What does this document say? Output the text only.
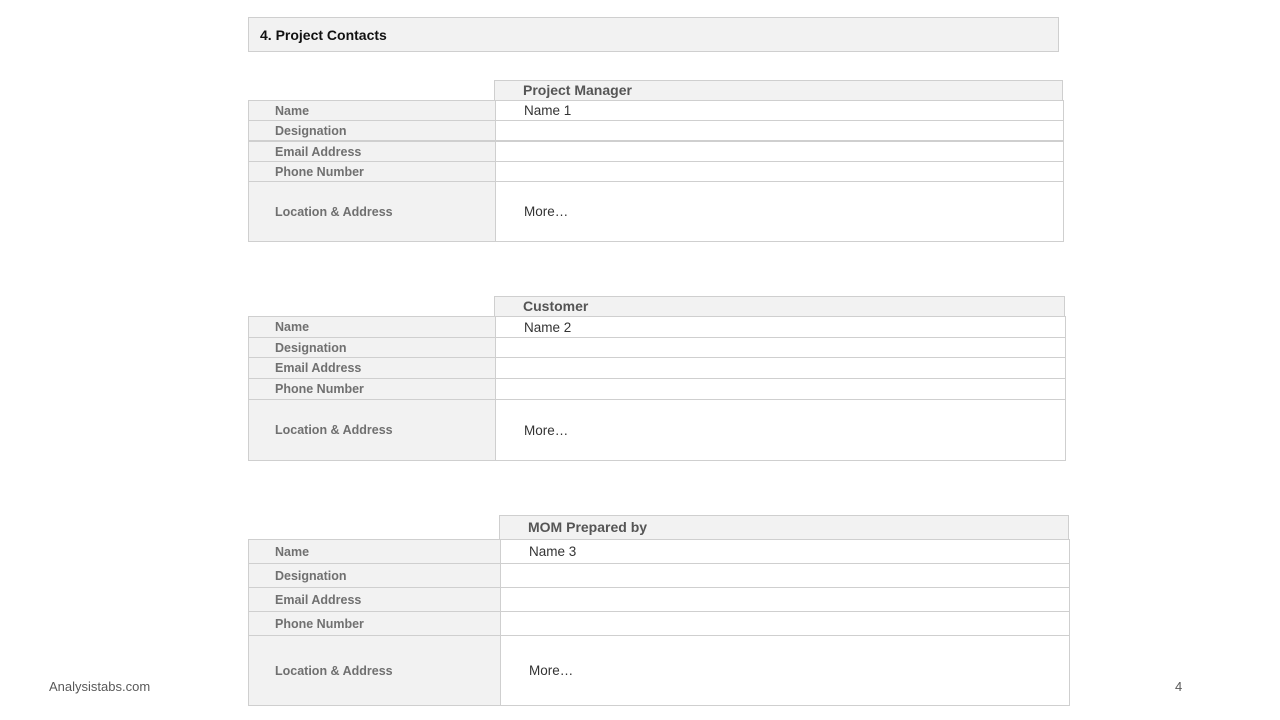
4. Project Contacts
Project Manager
Name	Name 1
Designation
Email Address
Phone Number
Location & Address	More…
Customer
Name	Name 2
Designation
Email Address
Phone Number
Location & Address	More…
MOM Prepared by
Name	Name 3
Designation
Email Address
Phone Number
Location & Address	More…
Analysistabs.com	4
